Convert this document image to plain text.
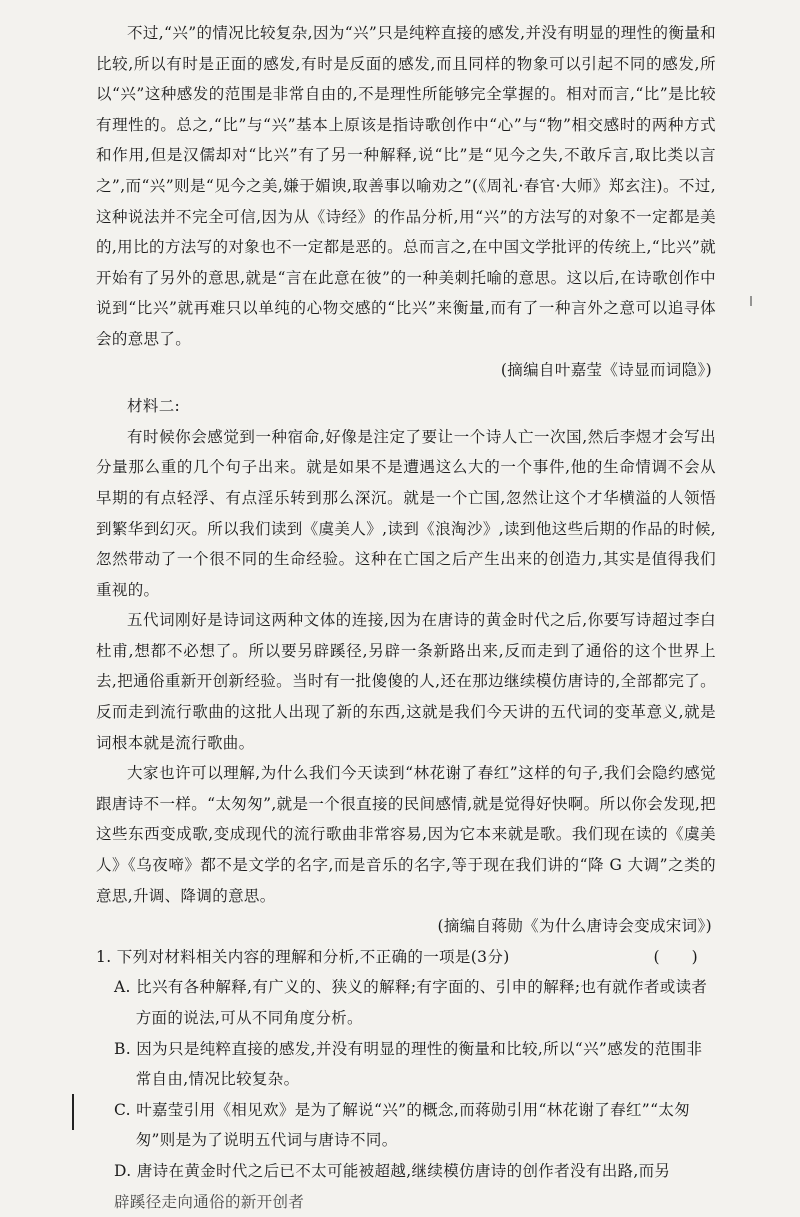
不过,“兴”的情况比较复杂,因为“兴”只是纯粹直接的感发,并没有明显的理性的衡量和比较,所以有时是正面的感发,有时是反面的感发,而且同样的物象可以引起不同的感发,所以“兴”这种感发的范围是非常自由的,不是理性所能够完全掌握的。相对而言,“比”是比较有理性的。总之,“比”与“兴”基本上原该是指诗歌创作中“心”与“物”相交感时的两种方式和作用,但是汉儒却对“比兴”有了另一种解释,说“比”是“见今之失,不敢斥言,取比类以言之”,而“兴”则是“见今之美,嫌于媚谀,取善事以喻劝之”(《周礼·春官·大师》郑玄注)。不过,这种说法并不完全可信,因为从《诗经》的作品分析,用“兴”的方法写的对象不一定都是美的,用比的方法写的对象也不一定都是恶的。总而言之,在中国文学批评的传统上,“比兴”就开始有了另外的意思,就是“言在此意在彼”的一种美刺托喻的意思。这以后,在诗歌创作中说到“比兴”就再难只以单纯的心物交感的“比兴”来衡量,而有了一种言外之意可以追寻体会的意思了。

(摘编自叶嘉莹《诗显而词隐》)

材料二:

有时候你会感觉到一种宿命,好像是注定了要让一个诗人亡一次国,然后李煜才会写出分量那么重的几个句子出来。就是如果不是遭遇这么大的一个事件,他的生命情调不会从早期的有点轻浮、有点淫乐转到那么深沉。就是一个亡国,忽然让这个才华横溢的人领悟到繁华到幻灭。所以我们读到《虞美人》,读到《浪淘沙》,读到他这些后期的作品的时候,忽然带动了一个很不同的生命经验。这种在亡国之后产生出来的创造力,其实是值得我们重视的。

五代词刚好是诗词这两种文体的连接,因为在唐诗的黄金时代之后,你要写诗超过李白杜甫,想都不必想了。所以要另辟蹊径,另辟一条新路出来,反而走到了通俗的这个世界上去,把通俗重新开创新经验。当时有一批傻傻的人,还在那边继续模仿唐诗的,全部都完了。反而走到流行歌曲的这批人出现了新的东西,这就是我们今天讲的五代词的变革意义,就是词根本就是流行歌曲。

大家也许可以理解,为什么我们今天读到“林花谢了春红”这样的句子,我们会隐约感觉跟唐诗不一样。“太匆匆”,就是一个很直接的民间感情,就是觉得好快啊。所以你会发现,把这些东西变成歌,变成现代的流行歌曲非常容易,因为它本来就是歌。我们现在读的《虞美人》《乌夜啼》都不是文学的名字,而是音乐的名字,等于现在我们讲的“降 G 大调”之类的意思,升调、降调的意思。

(摘编自蒋勋《为什么唐诗会变成宋词》)

1. 下列对材料相关内容的理解和分析,不正确的一项是(3分)	(      )

A. 比兴有各种解释,有广义的、狭义的解释;有字面的、引申的解释;也有就作者或读者方面的说法,可从不同角度分析。

B. 因为只是纯粹直接的感发,并没有明显的理性的衡量和比较,所以“兴”感发的范围非常自由,情况比较复杂。

C. 叶嘉莹引用《相见欢》是为了解说“兴”的概念,而蒋勋引用“林花谢了春红”“太匆匆”则是为了说明五代词与唐诗不同。

D. 唐诗在黄金时代之后已不太可能被超越,继续模仿唐诗的创作者没有出路,而另

辟蹊径走向通俗的新开创者
